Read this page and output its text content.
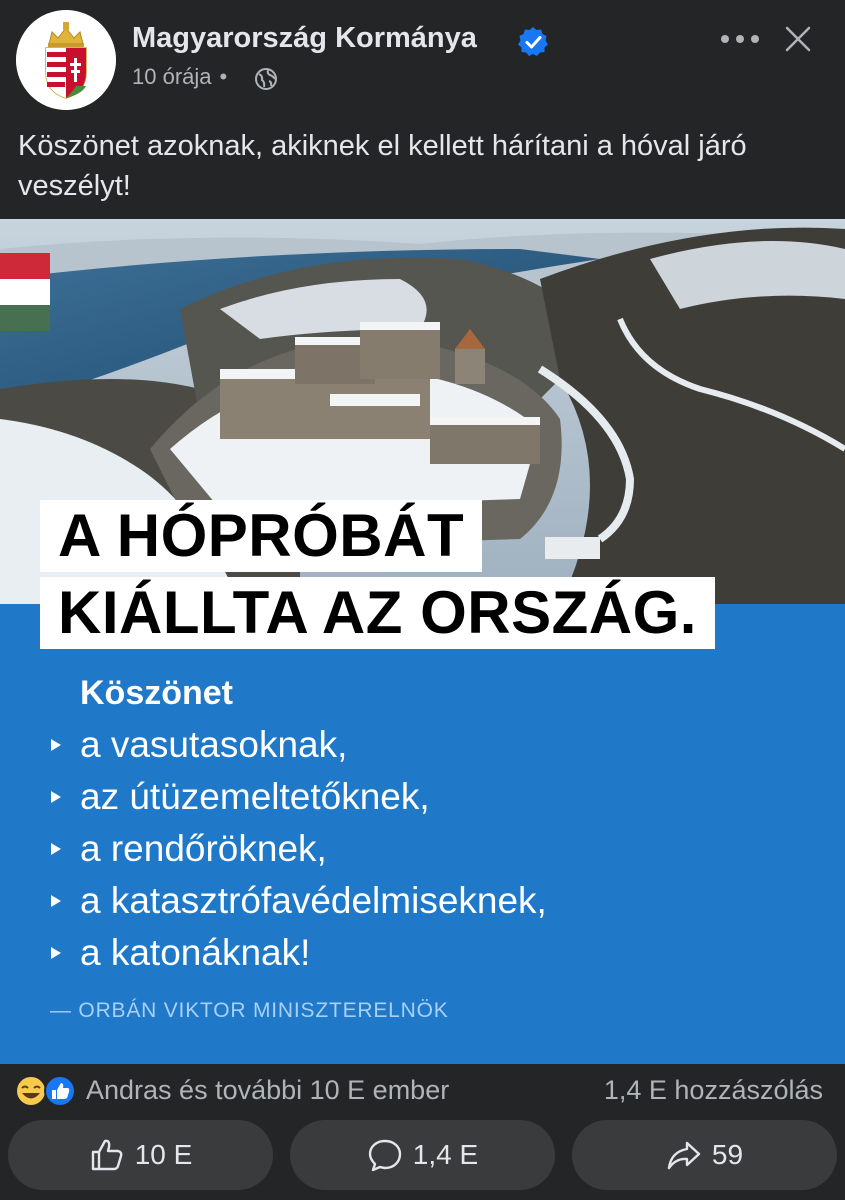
Magyarország Kormánya
10 órája •
Köszönet azoknak, akiknek el kellett hárítani a hóval járó veszélyt!
A HÓPRÓBÁT
KIÁLLTA AZ ORSZÁG.
Köszönet
a vasutasoknak,
az útüzemeltetőknek,
a rendőröknek,
a katasztrófavédelmiseknek,
a katonáknak!
— ORBÁN VIKTOR MINISZTERELNÖK
Andras és további 10 E ember	1,4 E hozzászólás
10 E	1,4 E	59
